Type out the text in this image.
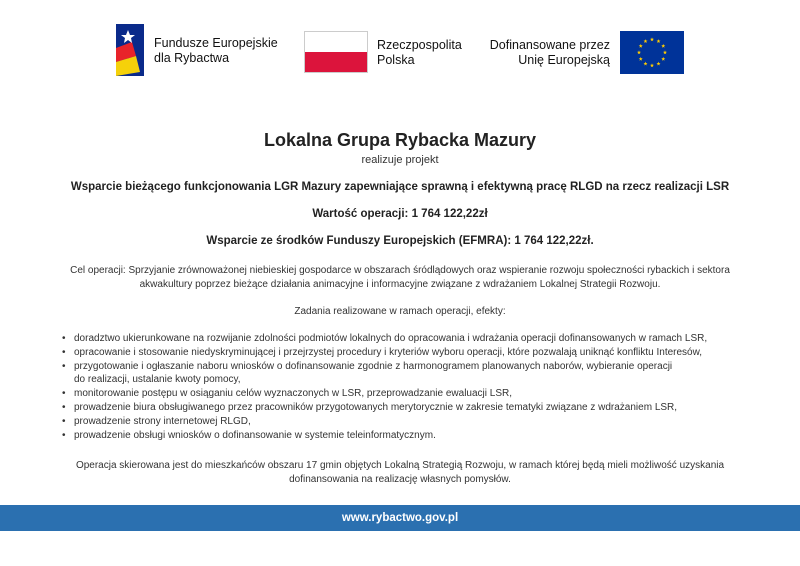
Fundusze Europejskie
dla Rybactwa
Rzeczpospolita
Polska
Dofinansowane przez
Unię Europejską
Lokalna Grupa Rybacka Mazury
realizuje projekt
Wsparcie bieżącego funkcjonowania LGR Mazury zapewniające sprawną i efektywną pracę RLGD na rzecz realizacji LSR
Wartość operacji: 1 764 122,22zł
Wsparcie ze środków Funduszy Europejskich (EFMRA): 1 764 122,22zł.
Cel operacji: Sprzyjanie zrównoważonej niebieskiej gospodarce w obszarach śródlądowych oraz wspieranie rozwoju społeczności rybackich i sektora
akwakultury poprzez bieżące działania animacyjne i informacyjne związane z wdrażaniem Lokalnej Strategii Rozwoju.
Zadania realizowane w ramach operacji, efekty:
• doradztwo ukierunkowane na rozwijanie zdolności podmiotów lokalnych do opracowania i wdrażania operacji dofinansowanych w ramach LSR,
• opracowanie i stosowanie niedyskryminującej i przejrzystej procedury i kryteriów wyboru operacji, które pozwalają uniknąć konfliktu Interesów,
• przygotowanie i ogłaszanie naboru wniosków o dofinansowanie zgodnie z harmonogramem planowanych naborów, wybieranie operacji
do realizacji, ustalanie kwoty pomocy,
• monitorowanie postępu w osiąganiu celów wyznaczonych w LSR, przeprowadzanie ewaluacji LSR,
• prowadzenie biura obsługiwanego przez pracowników przygotowanych merytorycznie w zakresie tematyki związane z wdrażaniem LSR,
• prowadzenie strony internetowej RLGD,
• prowadzenie obsługi wniosków o dofinansowanie w systemie teleinformatycznym.
Operacja skierowana jest do mieszkańców obszaru 17 gmin objętych Lokalną Strategią Rozwoju, w ramach której będą mieli możliwość uzyskania
dofinansowania na realizację własnych pomysłów.
www.rybactwo.gov.pl
